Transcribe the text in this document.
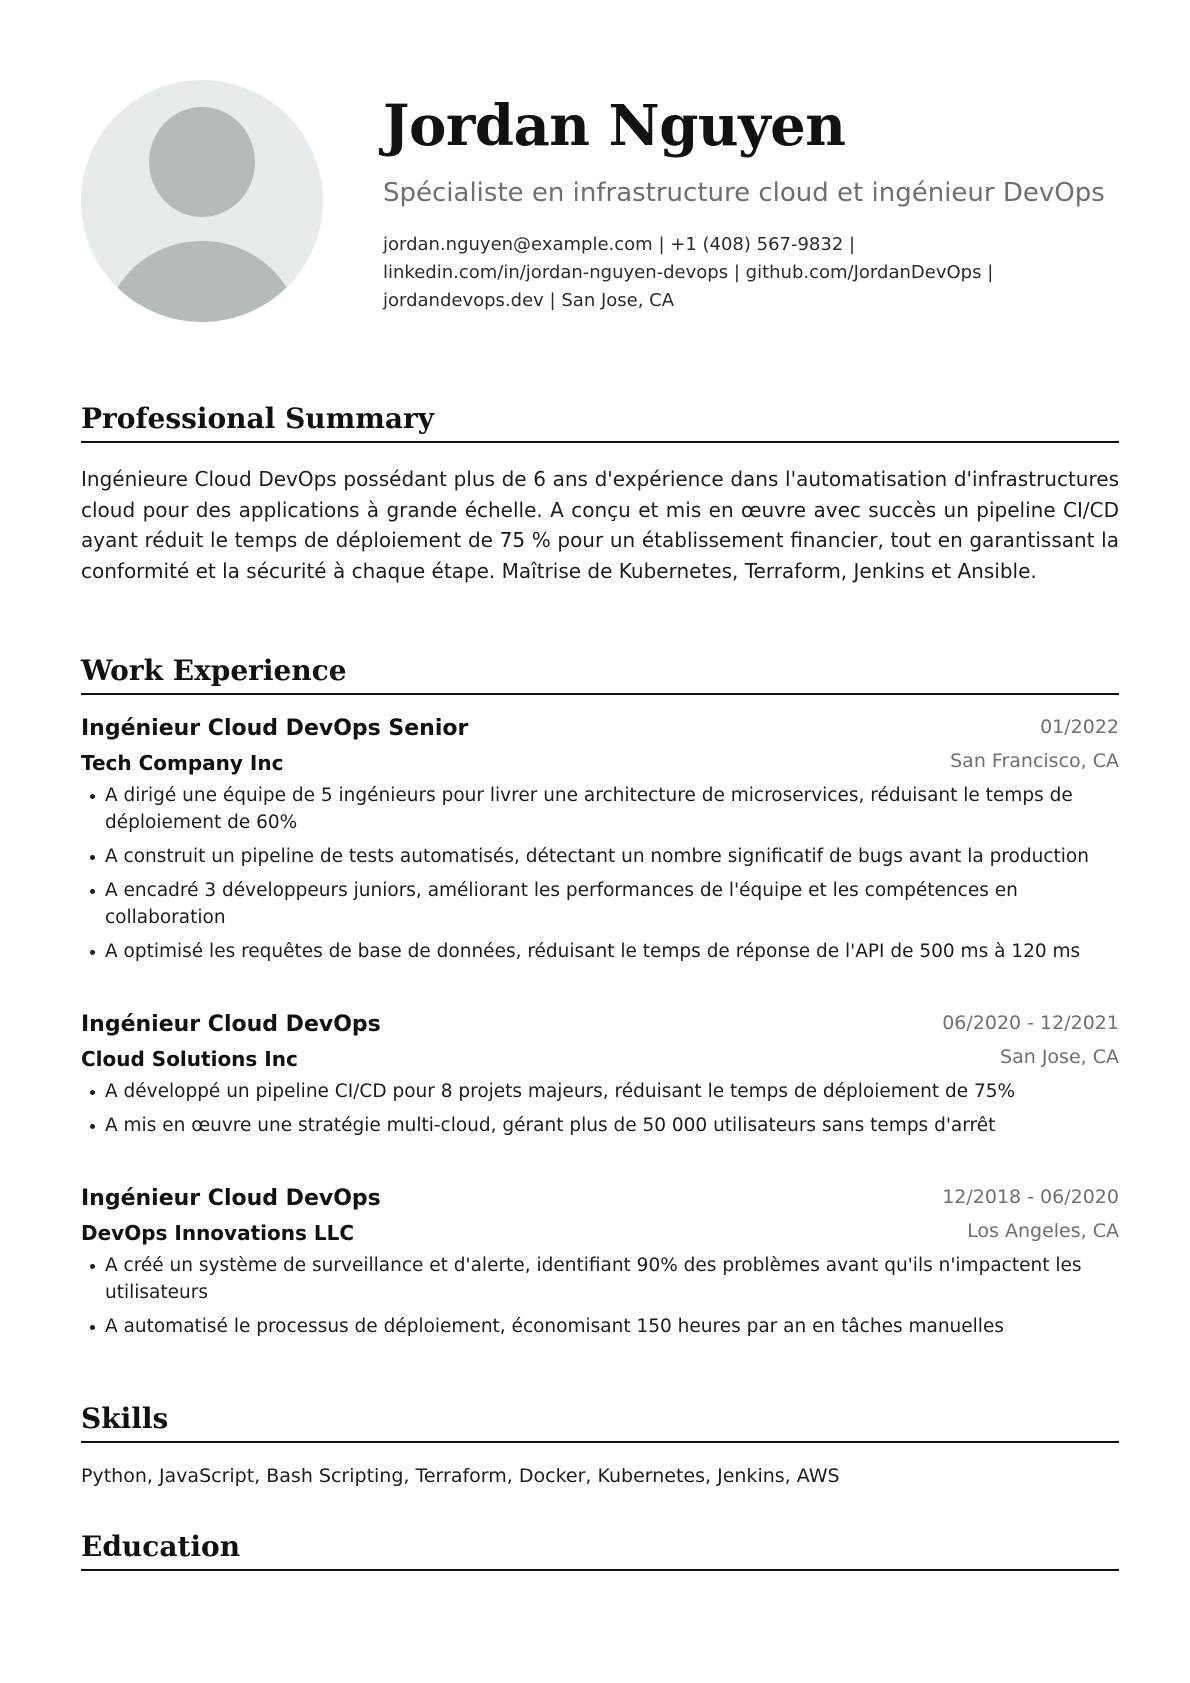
Jordan Nguyen
Spécialiste en infrastructure cloud et ingénieur DevOps
jordan.nguyen@example.com | +1 (408) 567-9832 |
linkedin.com/in/jordan-nguyen-devops | github.com/JordanDevOps |
jordandevops.dev | San Jose, CA
Professional Summary
Ingénieure Cloud DevOps possédant plus de 6 ans d'expérience dans l'automatisation d'infrastructures cloud pour des applications à grande échelle. A conçu et mis en œuvre avec succès un pipeline CI/CD ayant réduit le temps de déploiement de 75 % pour un établissement financier, tout en garantissant la conformité et la sécurité à chaque étape. Maîtrise de Kubernetes, Terraform, Jenkins et Ansible.
Work Experience
Ingénieur Cloud DevOps Senior	01/2022
Tech Company Inc	San Francisco, CA
A dirigé une équipe de 5 ingénieurs pour livrer une architecture de microservices, réduisant le temps de déploiement de 60%
A construit un pipeline de tests automatisés, détectant un nombre significatif de bugs avant la production
A encadré 3 développeurs juniors, améliorant les performances de l'équipe et les compétences en collaboration
A optimisé les requêtes de base de données, réduisant le temps de réponse de l'API de 500 ms à 120 ms
Ingénieur Cloud DevOps	06/2020 - 12/2021
Cloud Solutions Inc	San Jose, CA
A développé un pipeline CI/CD pour 8 projets majeurs, réduisant le temps de déploiement de 75%
A mis en œuvre une stratégie multi-cloud, gérant plus de 50 000 utilisateurs sans temps d'arrêt
Ingénieur Cloud DevOps	12/2018 - 06/2020
DevOps Innovations LLC	Los Angeles, CA
A créé un système de surveillance et d'alerte, identifiant 90% des problèmes avant qu'ils n'impactent les utilisateurs
A automatisé le processus de déploiement, économisant 150 heures par an en tâches manuelles
Skills
Python, JavaScript, Bash Scripting, Terraform, Docker, Kubernetes, Jenkins, AWS
Education
